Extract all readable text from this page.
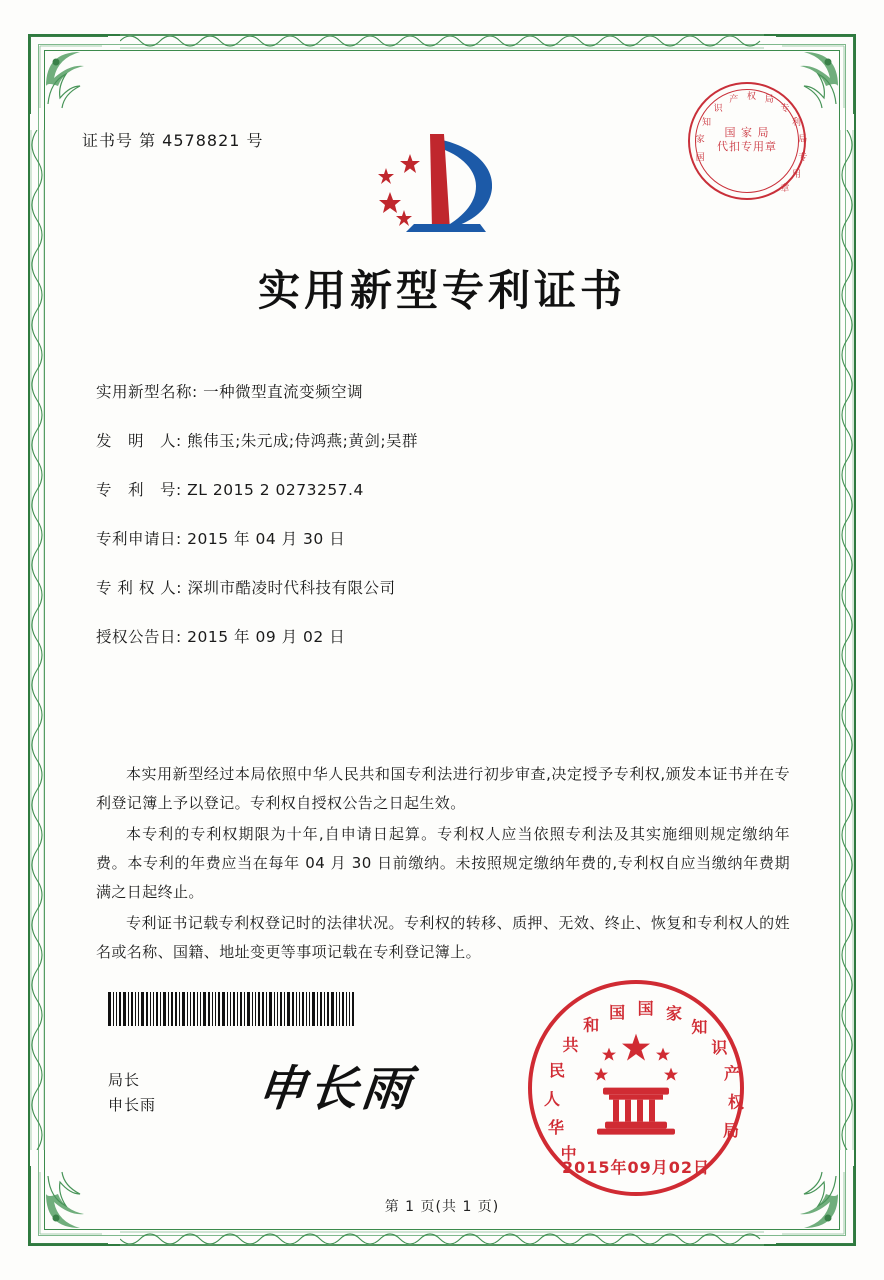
证书号 第 4578821 号
国
家
知
识
产 权 局
专
利
局
专
用
章
国 家 局
代扣专用章
实用新型专利证书
实用新型名称: 一种微型直流变频空调
发　明　人: 熊伟玉;朱元成;侍鸿燕;黄剑;吴群
专　利　号: ZL 2015 2 0273257.4
专利申请日: 2015 年 04 月 30 日
专 利 权 人: 深圳市酷凌时代科技有限公司
授权公告日: 2015 年 09 月 02 日

本实用新型经过本局依照中华人民共和国专利法进行初步审查,决定授予专利权,颁发本证书并在专利登记簿上予以登记。专利权自授权公告之日起生效。

本专利的专利权期限为十年,自申请日起算。专利权人应当依照专利法及其实施细则规定缴纳年费。本专利的年费应当在每年 04 月 30 日前缴纳。未按照规定缴纳年费的,专利权自应当缴纳年费期满之日起终止。

专利证书记载专利权登记时的法律状况。专利权的转移、质押、无效、终止、恢复和专利权人的姓名或名称、国籍、地址变更等事项记载在专利登记簿上。

局长
申长雨 申长雨
中
华
人
民
共
和
国 国 家
知
识
产
权
局
2015年09月02日
第 1 页(共 1 页)
